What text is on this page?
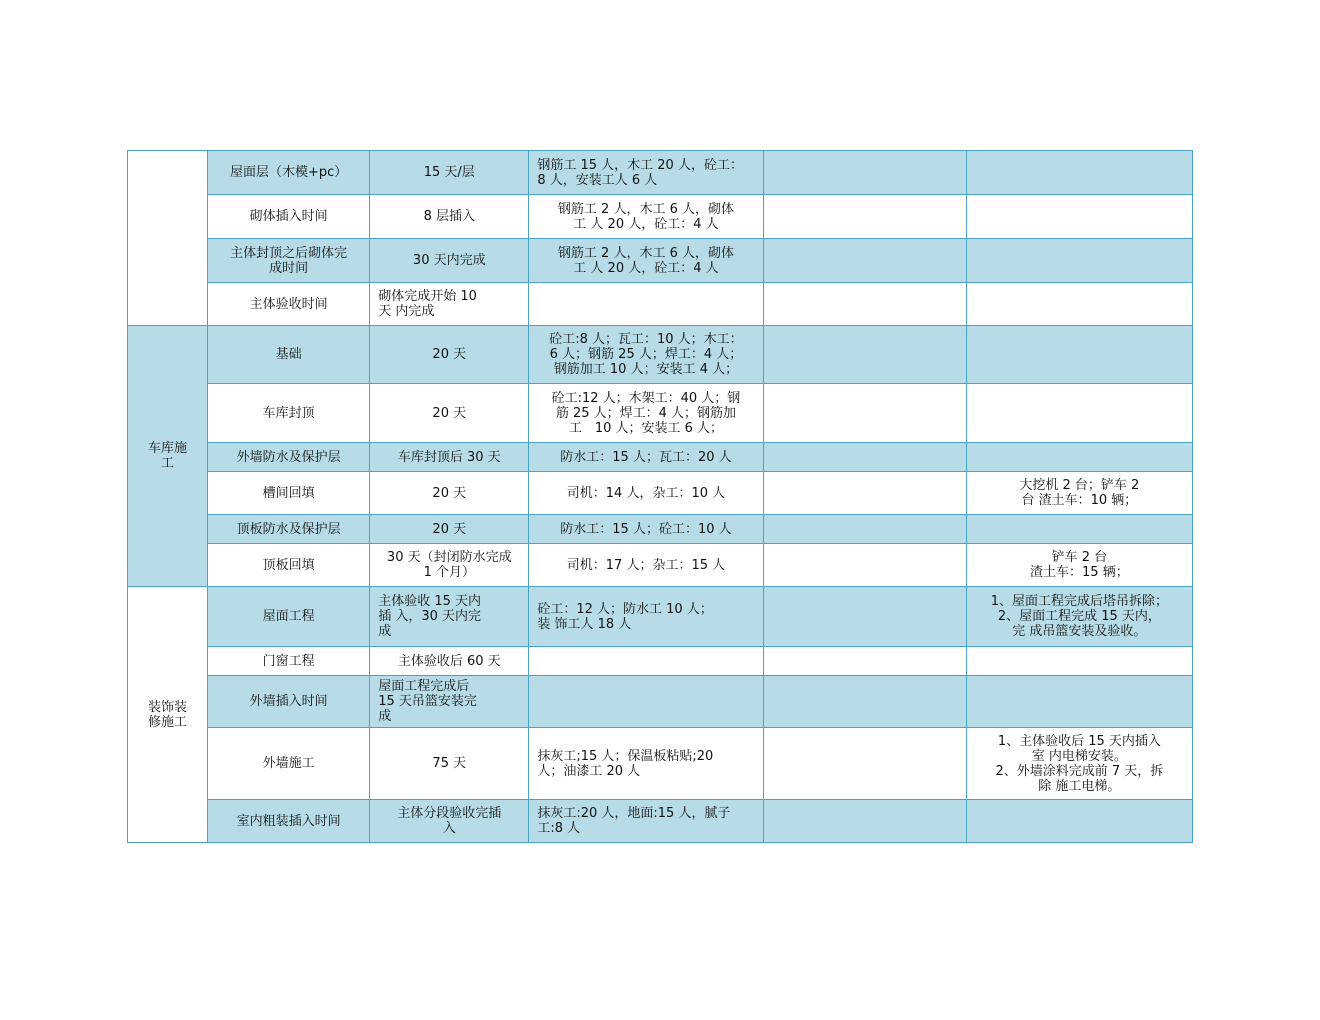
	屋面层（木模+pc）	15 天/层	钢筋工 15 人，木工 20 人，砼工：
8 人，安装工人 6 人		
	砌体插入时间	8 层插入	钢筋工 2 人，木工 6 人，砌体
工 人 20 人，砼工：4 人		
	主体封顶之后砌体完
成时间	30 天内完成	钢筋工 2 人，木工 6 人，砌体
工 人 20 人，砼工：4 人		
	主体验收时间	砌体完成开始 10
天 内完成			
车库施
工	基础	20 天	砼工:8 人；瓦工：10 人；木工：
6 人；钢筋 25 人；焊工：4 人；
钢筋加工 10 人；安装工 4 人；		
	车库封顶	20 天	砼工:12 人；木架工：40 人；钢
筋 25 人；焊工：4 人；钢筋加
工　10 人；安装工 6 人；		
	外墙防水及保护层	车库封顶后 30 天	防水工：15 人；瓦工：20 人		
	槽间回填	20 天	司机：14 人，杂工：10 人		大挖机 2 台；铲车 2
台 渣土车：10 辆；
	顶板防水及保护层	20 天	防水工：15 人；砼工：10 人		
	顶板回填	30 天（封闭防水完成
1 个月）	司机：17 人；杂工：15 人		铲车 2 台
渣土车：15 辆；
装饰装
修施工	屋面工程	主体验收 15 天内
插 入，30 天内完
成	砼工：12 人；防水工 10 人；
装 饰工人 18 人		1、屋面工程完成后塔吊拆除；
2、屋面工程完成 15 天内，
完 成吊篮安装及验收。
	门窗工程	主体验收后 60 天			
	外墙插入时间	屋面工程完成后
15 天吊篮安装完
成			
	外墙施工	75 天	抹灰工;15 人；保温板粘贴;20
人；油漆工 20 人		1、主体验收后 15 天内插入
室 内电梯安装。
2、外墙涂料完成前 7 天，拆
除 施工电梯。
	室内粗装插入时间	主体分段验收完插
入	抹灰工:20 人，地面:15 人，腻子
工:8 人		
